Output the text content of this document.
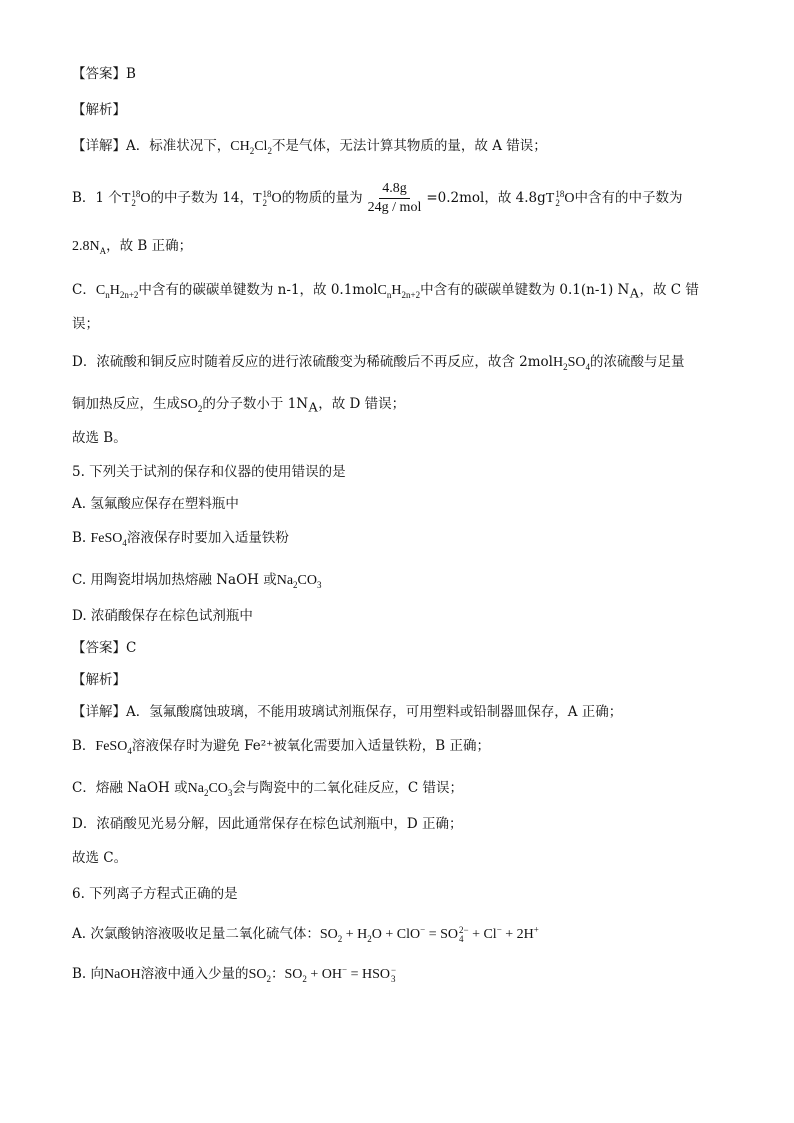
【答案】B
【解析】
【详解】A．标准状况下，$CH_2Cl_2$不是气体，无法计算其物质的量，故 A 错误；
B．1 个T 18
2 O的中子数为 14，T 18
2 O的物质的量为 $\frac{4.8g}{\text{24g / mol}} =0.2mol$，故 4.8gT 18
2 O中含有的中子数为
$2.8N_A$，故 B 正确；
C．$C_nH_{2n+2}$中含有的碳碳单键数为 n-1，故 $0.1molC_nH_{2n+2}$中含有的碳碳单键数为 0.1(n-1) $N_A$，故 C 错
误；
D．浓硫酸和铜反应时随着反应的进行浓硫酸变为稀硫酸后不再反应，故含 $2molH_2SO_4$的浓硫酸与足量
铜加热反应，生成$SO_2$的分子数小于 $1N_A$，故 D 错误；
故选 B。
5. 下列关于试剂的保存和仪器的使用错误的是
A. 氢氟酸应保存在塑料瓶中
B. FeSO$_4$溶液保存时要加入适量铁粉
C. 用陶瓷坩埚加热熔融 NaOH 或$Na_2CO_3$
D. 浓硝酸保存在棕色试剂瓶中
【答案】C
【解析】
【详解】A．氢氟酸腐蚀玻璃，不能用玻璃试剂瓶保存，可用塑料或铅制器皿保存，A 正确；
B．FeSO$_4$溶液保存时为避免 Fe²⁺被氧化需要加入适量铁粉，B 正确；
C．熔融 NaOH 或$Na_2CO_3$会与陶瓷中的二氧化硅反应，C 错误；
D．浓硝酸见光易分解，因此通常保存在棕色试剂瓶中，D 正确；
故选 C。
6. 下列离子方程式正确的是
A. 次氯酸钠溶液吸收足量二氧化硫气体：$SO_2 + H_2O + ClO^-$ = SO 2−
4 + Cl− + 2H+
B. 向NaOH溶液中通入少量的$SO_2$：$SO_2 + OH^-$ = HSO −
3
